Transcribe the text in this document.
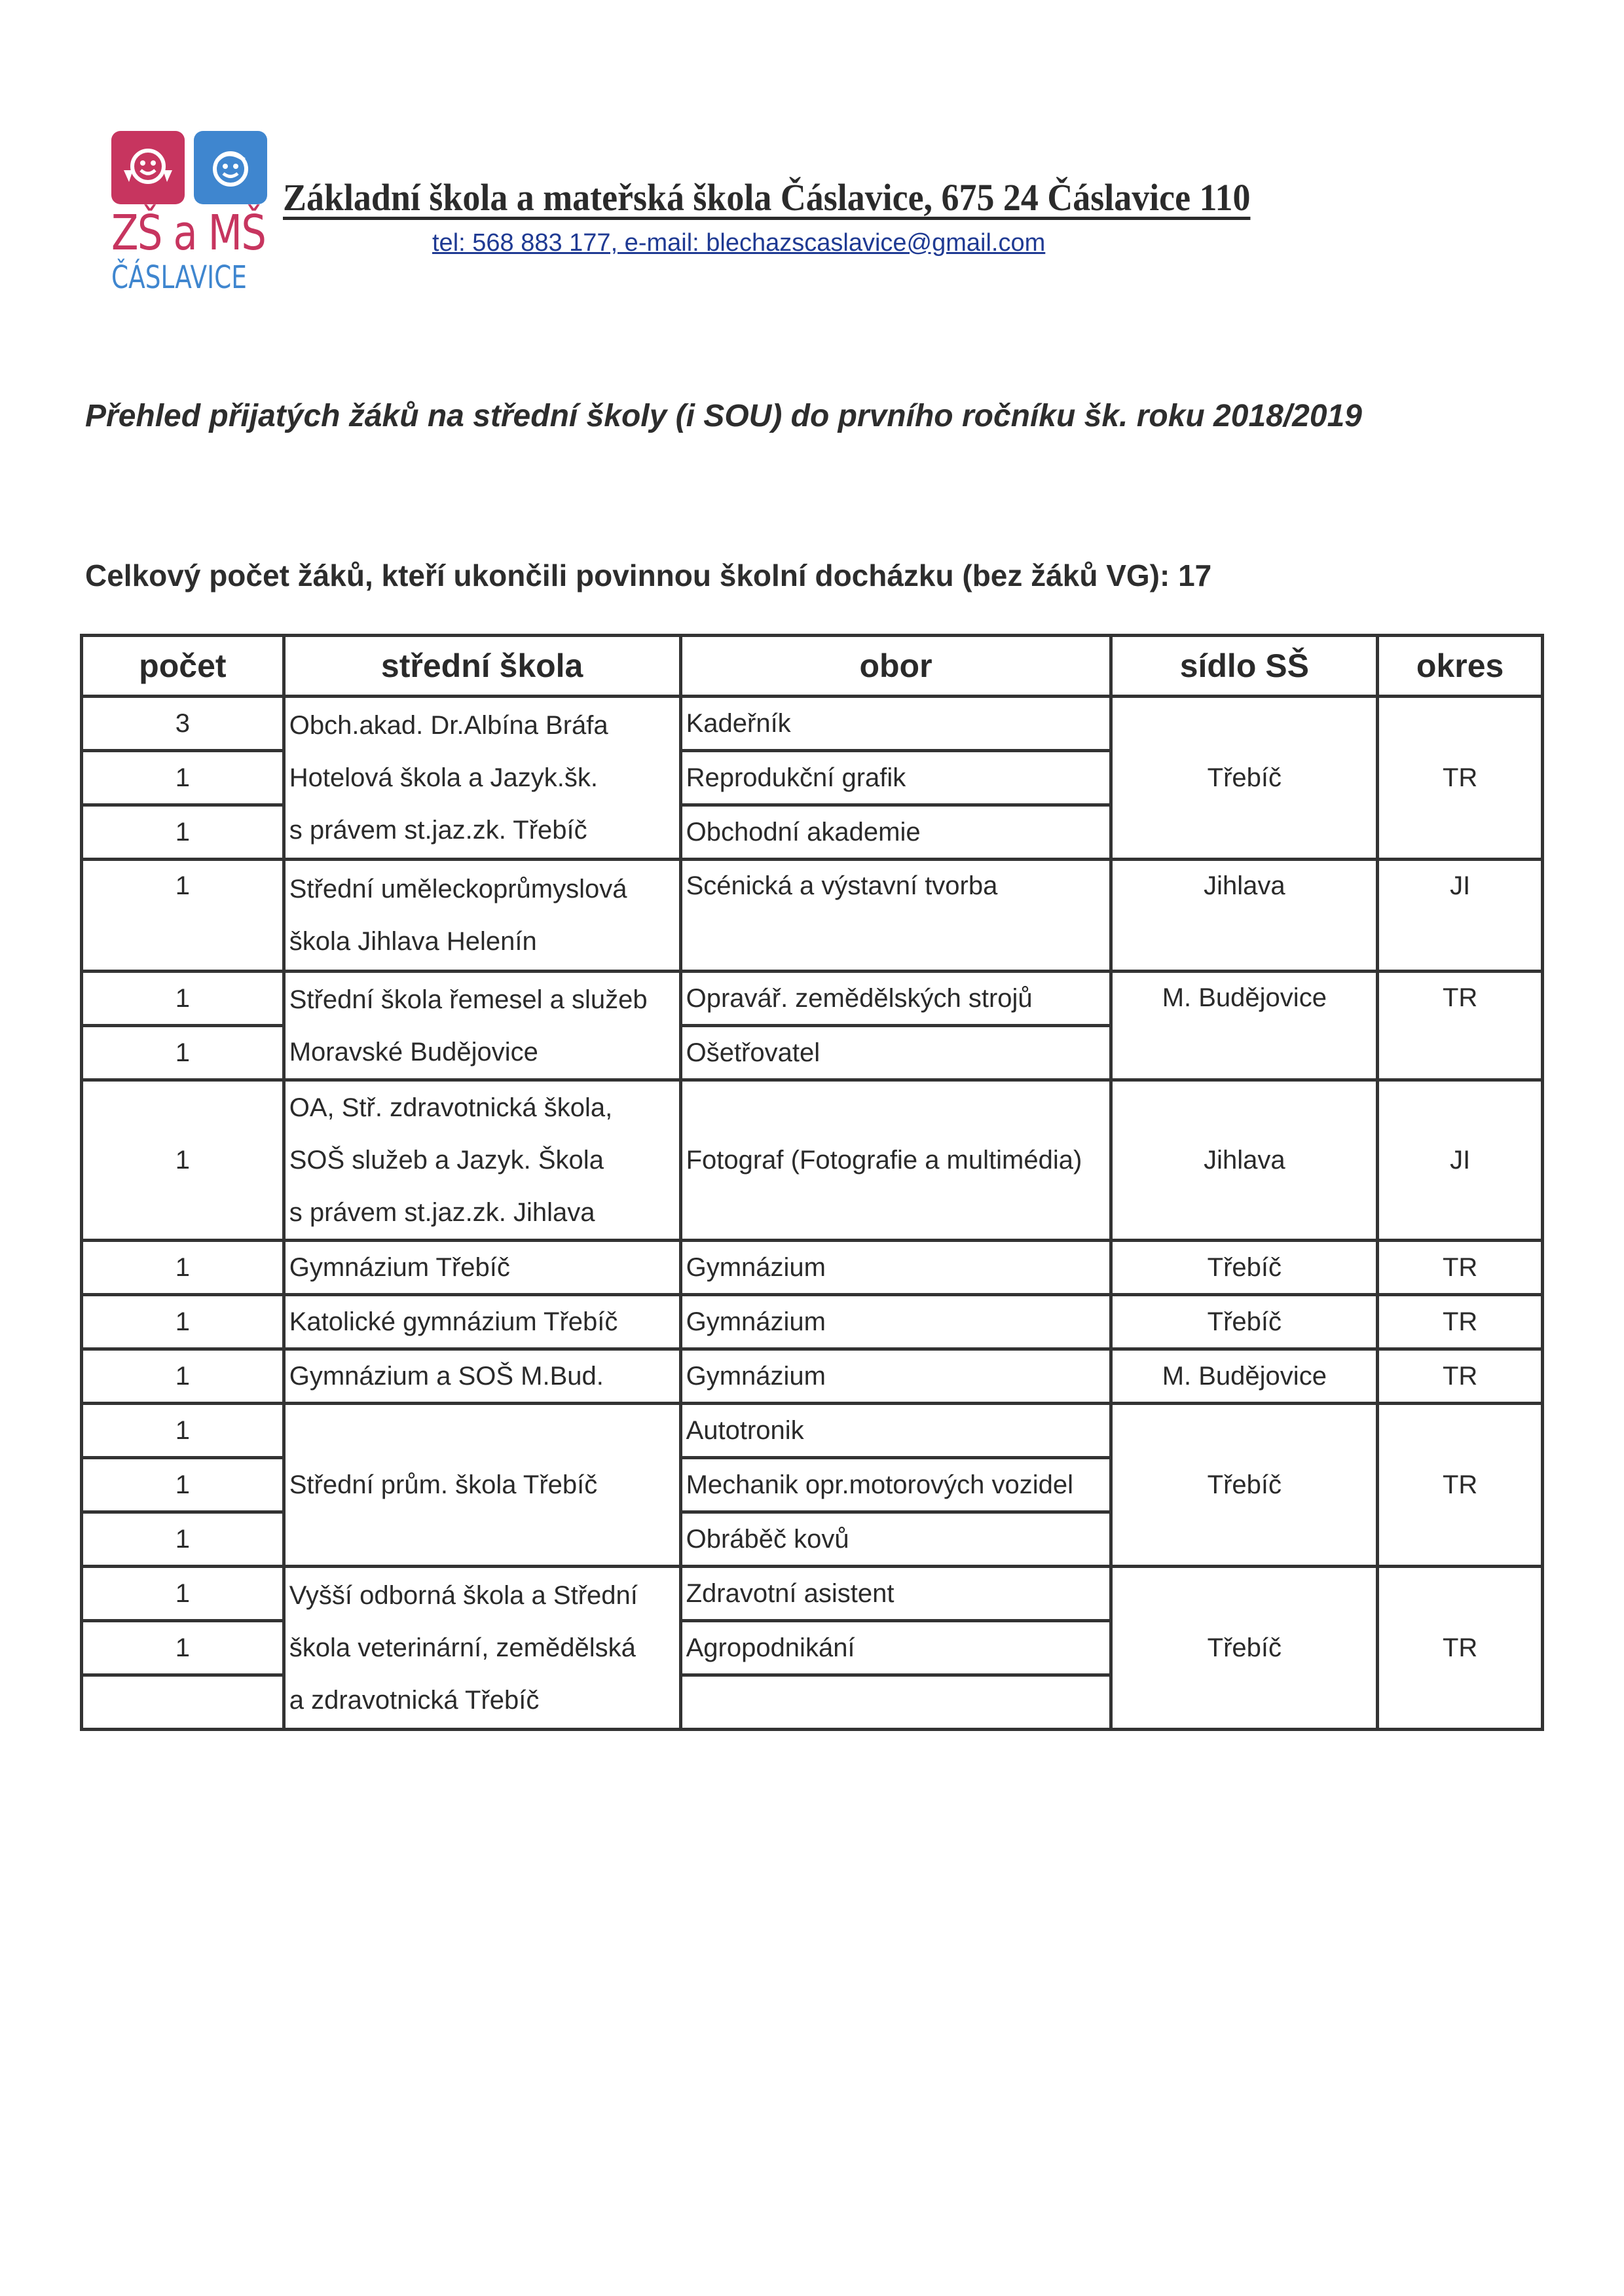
ZŠ a MŠ
ČÁSLAVICE
Základní škola a mateřská škola Čáslavice, 675 24 Čáslavice 110
tel: 568 883 177, e-mail: blechazscaslavice@gmail.com
Přehled přijatých žáků na střední školy (i SOU) do prvního ročníku šk. roku 2018/2019
Celkový počet žáků, kteří ukončili povinnou školní docházku (bez žáků VG): 17
počet	střední škola	obor	sídlo SŠ	okres
3	Obch.akad. Dr.Albína Bráfa
Hotelová škola a Jazyk.šk.
s právem st.jaz.zk. Třebíč	Kadeřník	Třebíč	TR
1		Reprodukční grafik		
1		Obchodní akademie		
1	Střední uměleckoprůmyslová
škola Jihlava Helenín	Scénická a výstavní tvorba	Jihlava	JI
1	Střední škola řemesel a služeb
Moravské Budějovice	Opravář. zemědělských strojů	M. Budějovice	TR
1		Ošetřovatel		
1	OA, Stř. zdravotnická škola,
SOŠ služeb a Jazyk. Škola
s právem st.jaz.zk. Jihlava	Fotograf (Fotografie a multimédia)	Jihlava	JI
1	Gymnázium Třebíč	Gymnázium	Třebíč	TR
1	Katolické gymnázium Třebíč	Gymnázium	Třebíč	TR
1	Gymnázium a SOŠ M.Bud.	Gymnázium	M. Budějovice	TR
1	Střední prům. škola Třebíč	Autotronik	Třebíč	TR
1		Mechanik opr.motorových vozidel		
1		Obráběč kovů		
1	Vyšší odborná škola a Střední
škola veterinární, zemědělská
a zdravotnická Třebíč	Zdravotní asistent	Třebíč	TR
1		Agropodnikání		
